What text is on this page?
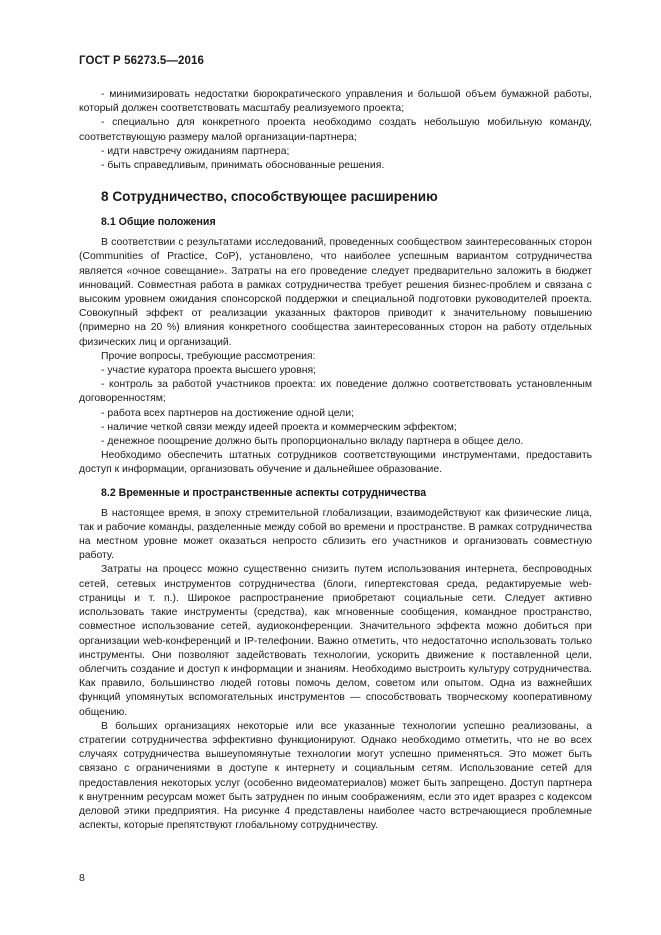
ГОСТ Р 56273.5—2016

- минимизировать недостатки бюрократического управления и большой объем бумажной работы, который должен соответствовать масштабу реализуемого проекта;

- специально для конкретного проекта необходимо создать небольшую мобильную команду, соответствующую размеру малой организации-партнера;

- идти навстречу ожиданиям партнера;

- быть справедливым, принимать обоснованные решения.

8 Сотрудничество, способствующее расширению
8.1 Общие положения

В соответствии с результатами исследований, проведенных сообществом заинтересованных сторон (Communities of Practice, CoP), установлено, что наиболее успешным вариантом сотрудничества является «очное совещание». Затраты на его проведение следует предварительно заложить в бюджет инноваций. Совместная работа в рамках сотрудничества требует решения бизнес-проблем и связана с высоким уровнем ожидания спонсорской поддержки и специальной подготовки руководителей проекта. Совокупный эффект от реализации указанных факторов приводит к значительному повышению (примерно на 20 %) влияния конкретного сообщества заинтересованных сторон на работу отдельных физических лиц и организаций.

Прочие вопросы, требующие рассмотрения:

- участие куратора проекта высшего уровня;

- контроль за работой участников проекта: их поведение должно соответствовать установленным договоренностям;

- работа всех партнеров на достижение одной цели;

- наличие четкой связи между идеей проекта и коммерческим эффектом;

- денежное поощрение должно быть пропорционально вкладу партнера в общее дело.

Необходимо обеспечить штатных сотрудников соответствующими инструментами, предоставить доступ к информации, организовать обучение и дальнейшее образование.

8.2 Временные и пространственные аспекты сотрудничества

В настоящее время, в эпоху стремительной глобализации, взаимодействуют как физические лица, так и рабочие команды, разделенные между собой во времени и пространстве. В рамках сотрудничества на местном уровне может оказаться непросто сблизить его участников и организовать совместную работу.

Затраты на процесс можно существенно снизить путем использования интернета, беспроводных сетей, сетевых инструментов сотрудничества (блоги, гипертекстовая среда, редактируемые web-страницы и т. п.). Широкое распространение приобретают социальные сети. Следует активно использовать такие инструменты (средства), как мгновенные сообщения, командное пространство, совместное использование сетей, аудиоконференции. Значительного эффекта можно добиться при организации web-конференций и IP-телефонии. Важно отметить, что недостаточно использовать только инструменты. Они позволяют задействовать технологии, ускорить движение к поставленной цели, облегчить создание и доступ к информации и знаниям. Необходимо выстроить культуру сотрудничества. Как правило, большинство людей готовы помочь делом, советом или опытом. Одна из важнейших функций упомянутых вспомогательных инструментов — способствовать творческому кооперативному общению.

В больших организациях некоторые или все указанные технологии успешно реализованы, а стратегии сотрудничества эффективно функционируют. Однако необходимо отметить, что не во всех случаях сотрудничества вышеупомянутые технологии могут успешно применяться. Это может быть связано с ограничениями в доступе к интернету и социальным сетям. Использование сетей для предоставления некоторых услуг (особенно видеоматериалов) может быть запрещено. Доступ партнера к внутренним ресурсам может быть затруднен по иным соображениям, если это идет вразрез с кодексом деловой этики предприятия. На рисунке 4 представлены наиболее часто встречающиеся проблемные аспекты, которые препятствуют глобальному сотрудничеству.

8
